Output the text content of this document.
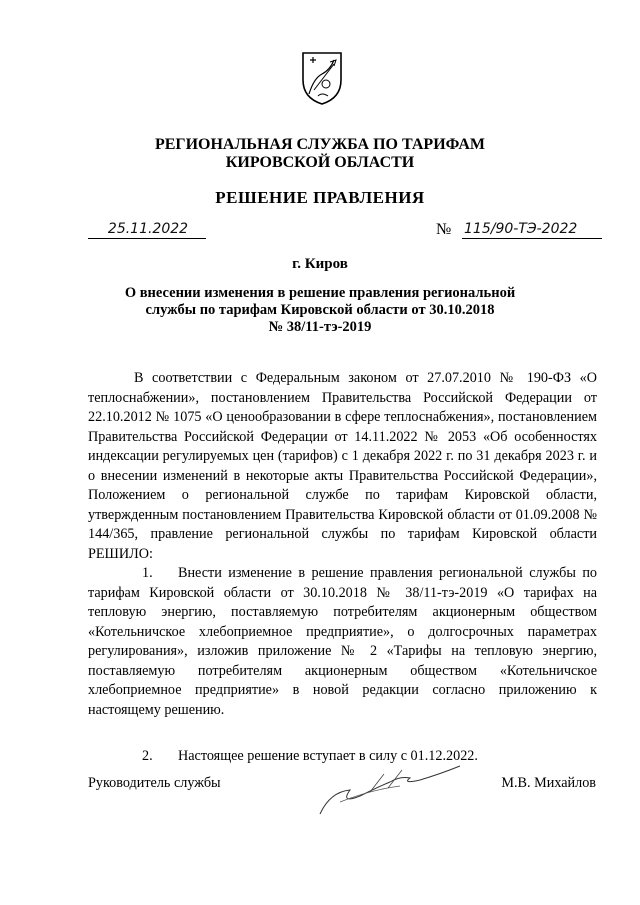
РЕГИОНАЛЬНАЯ СЛУЖБА ПО ТАРИФАМ
КИРОВСКОЙ ОБЛАСТИ
РЕШЕНИЕ ПРАВЛЕНИЯ
25.11.2022	№ 115/90-ТЭ-2022
г. Киров
О внесении изменения в решение правления региональной
службы по тарифам Кировской области от 30.10.2018
№ 38/11-тэ-2019
В соответствии с Федеральным законом от 27.07.2010 № 190-ФЗ «О теплоснабжении», постановлением Правительства Российской Федерации от 22.10.2012 № 1075 «О ценообразовании в сфере теплоснабжения», постановлением Правительства Российской Федерации от 14.11.2022 № 2053 «Об особенностях индексации регулируемых цен (тарифов) с 1 декабря 2022 г. по 31 декабря 2023 г. и о внесении изменений в некоторые акты Правительства Российской Федерации», Положением о региональной службе по тарифам Кировской области, утвержденным постановлением Правительства Кировской области от 01.09.2008 № 144/365, правление региональной службы по тарифам Кировской области РЕШИЛО:
1. Внести изменение в решение правления региональной службы по тарифам Кировской области от 30.10.2018 № 38/11-тэ-2019 «О тарифах на тепловую энергию, поставляемую потребителям акционерным обществом «Котельничское хлебоприемное предприятие», о долгосрочных параметрах регулирования», изложив приложение № 2 «Тарифы на тепловую энергию, поставляемую потребителям акционерным обществом «Котельничское хлебоприемное предприятие» в новой редакции согласно приложению к настоящему решению.
2. Настоящее решение вступает в силу с 01.12.2022.
Руководитель службы	М.В. Михайлов
